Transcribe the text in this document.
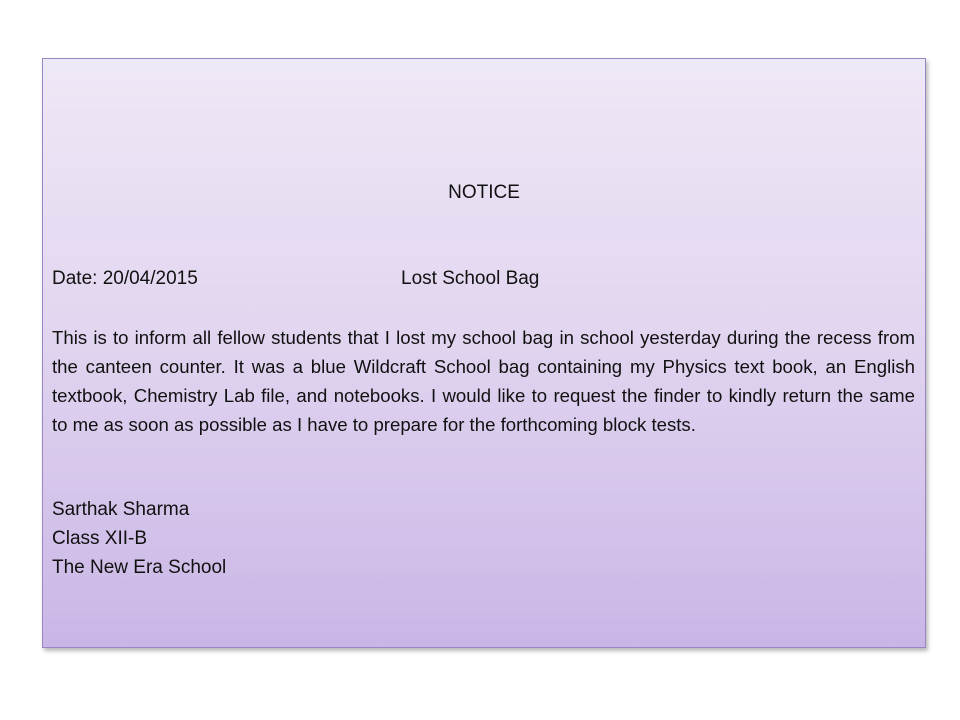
NOTICE
Date: 20/04/2015	Lost School Bag

This is to inform all fellow students that I lost my school bag in school yesterday during the recess from the canteen counter. It was a blue Wildcraft School bag containing my Physics text book, an English textbook, Chemistry Lab file, and notebooks. I would like to request the finder to kindly return the same to me as soon as possible as I have to prepare for the forthcoming block tests.

Sarthak Sharma
Class XII-B
The New Era School
